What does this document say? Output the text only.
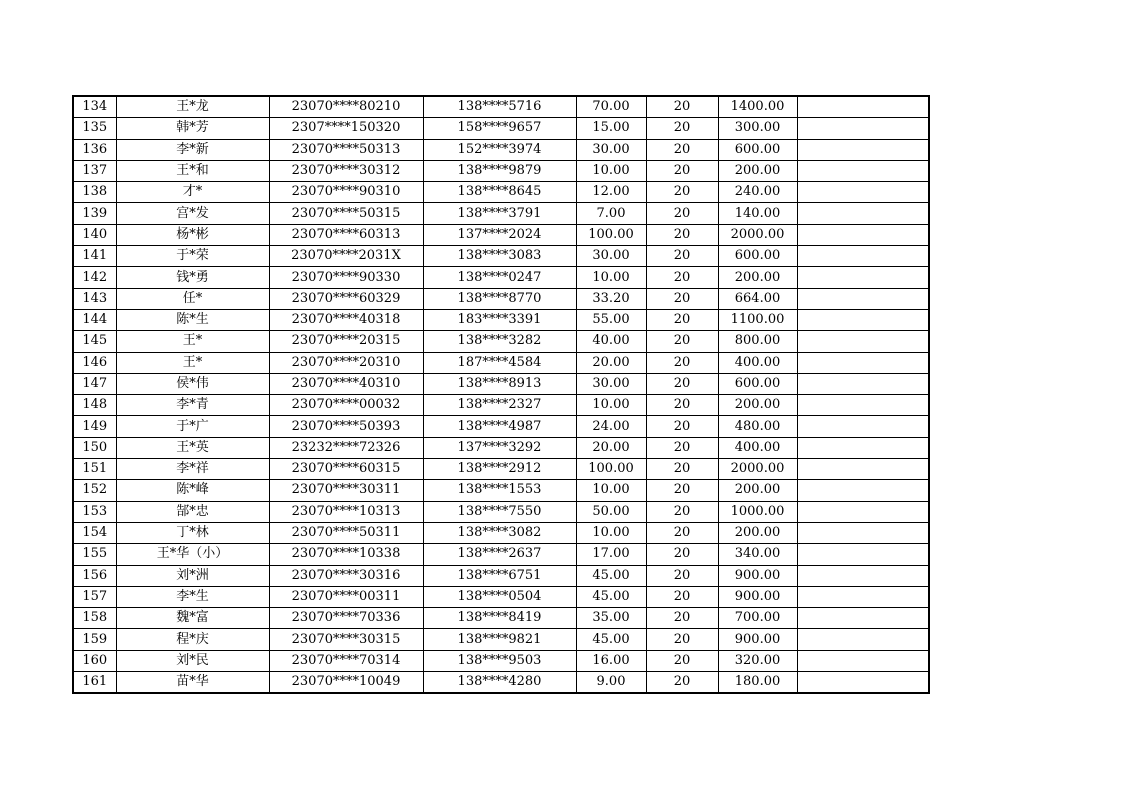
134	王*龙	23070****80210	138****5716	70.00	20	1400.00	
135	韩*芳	2307****150320	158****9657	15.00	20	300.00	
136	李*新	23070****50313	152****3974	30.00	20	600.00	
137	王*和	23070****30312	138****9879	10.00	20	200.00	
138	才*	23070****90310	138****8645	12.00	20	240.00	
139	宫*发	23070****50315	138****3791	7.00	20	140.00	
140	杨*彬	23070****60313	137****2024	100.00	20	2000.00	
141	于*荣	23070****2031X	138****3083	30.00	20	600.00	
142	钱*勇	23070****90330	138****0247	10.00	20	200.00	
143	任*	23070****60329	138****8770	33.20	20	664.00	
144	陈*生	23070****40318	183****3391	55.00	20	1100.00	
145	王*	23070****20315	138****3282	40.00	20	800.00	
146	王*	23070****20310	187****4584	20.00	20	400.00	
147	侯*伟	23070****40310	138****8913	30.00	20	600.00	
148	李*青	23070****00032	138****2327	10.00	20	200.00	
149	于*广	23070****50393	138****4987	24.00	20	480.00	
150	王*英	23232****72326	137****3292	20.00	20	400.00	
151	李*祥	23070****60315	138****2912	100.00	20	2000.00	
152	陈*峰	23070****30311	138****1553	10.00	20	200.00	
153	郜*忠	23070****10313	138****7550	50.00	20	1000.00	
154	丁*林	23070****50311	138****3082	10.00	20	200.00	
155	王*华（小）	23070****10338	138****2637	17.00	20	340.00	
156	刘*洲	23070****30316	138****6751	45.00	20	900.00	
157	李*生	23070****00311	138****0504	45.00	20	900.00	
158	魏*富	23070****70336	138****8419	35.00	20	700.00	
159	程*庆	23070****30315	138****9821	45.00	20	900.00	
160	刘*民	23070****70314	138****9503	16.00	20	320.00	
161	苗*华	23070****10049	138****4280	9.00	20	180.00	
